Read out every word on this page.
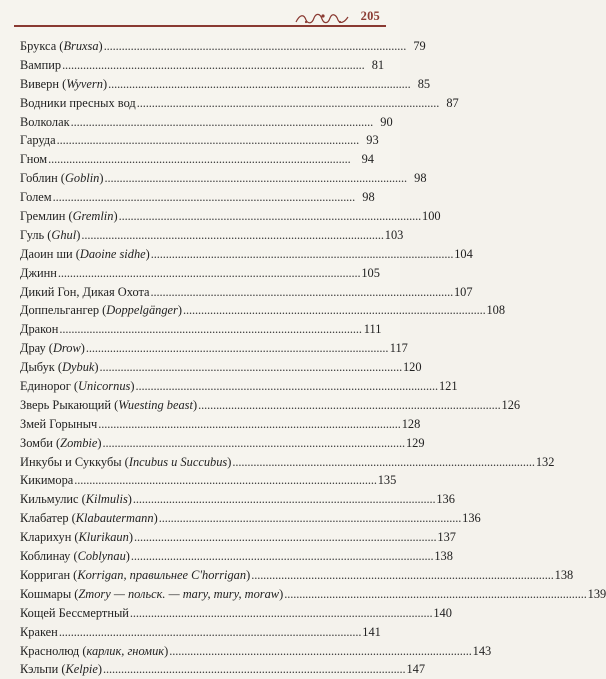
205
Брукса (Bruxsa) . . .	79
Вампир . . .	81
Виверн (Wyvern) . . .	85
Водники пресных вод . . .	87
Волколак . . .	90
Гаруда . . .	93
Гном . . .	94
Гоблин (Goblin) . . .	98
Голем . . .	98
Гремлин (Gremlin) . . .	100
Гуль (Ghul) . . .	103
Даоин ши (Daoine sidhe) . . .	104
Джинн . . .	105
Дикий Гон, Дикая Охота . . .	107
Доппельгангер (Doppelgänger) . . .	108
Дракон . . .	111
Драу (Drow) . . .	117
Дыбук (Dybuk) . . .	120
Единорог (Unicornus) . . .	121
Зверь Рыкающий (Wuesting beast) . . .	126
Змей Горыныч . . .	128
Зомби (Zombie) . . .	129
Инкубы и Суккубы (Incubus и Succubus) . . .	132
Кикимора . . .	135
Кильмулис (Kilmulis) . . .	136
Клабатер (Klabautermann) . . .	136
Кларихун (Klurikaun) . . .	137
Коблинау (Coblynau) . . .	138
Корриган (Korrigan, правильнее C'horrigan) . . .	138
Кошмары (Zmory — польск. — mary, mury, moraw) . . .	139
Кощей Бессмертный . . .	140
Кракен . . .	141
Краснолюд (карлик, гномик) . . .	143
Кэльпи (Kelpie) . . .	147
